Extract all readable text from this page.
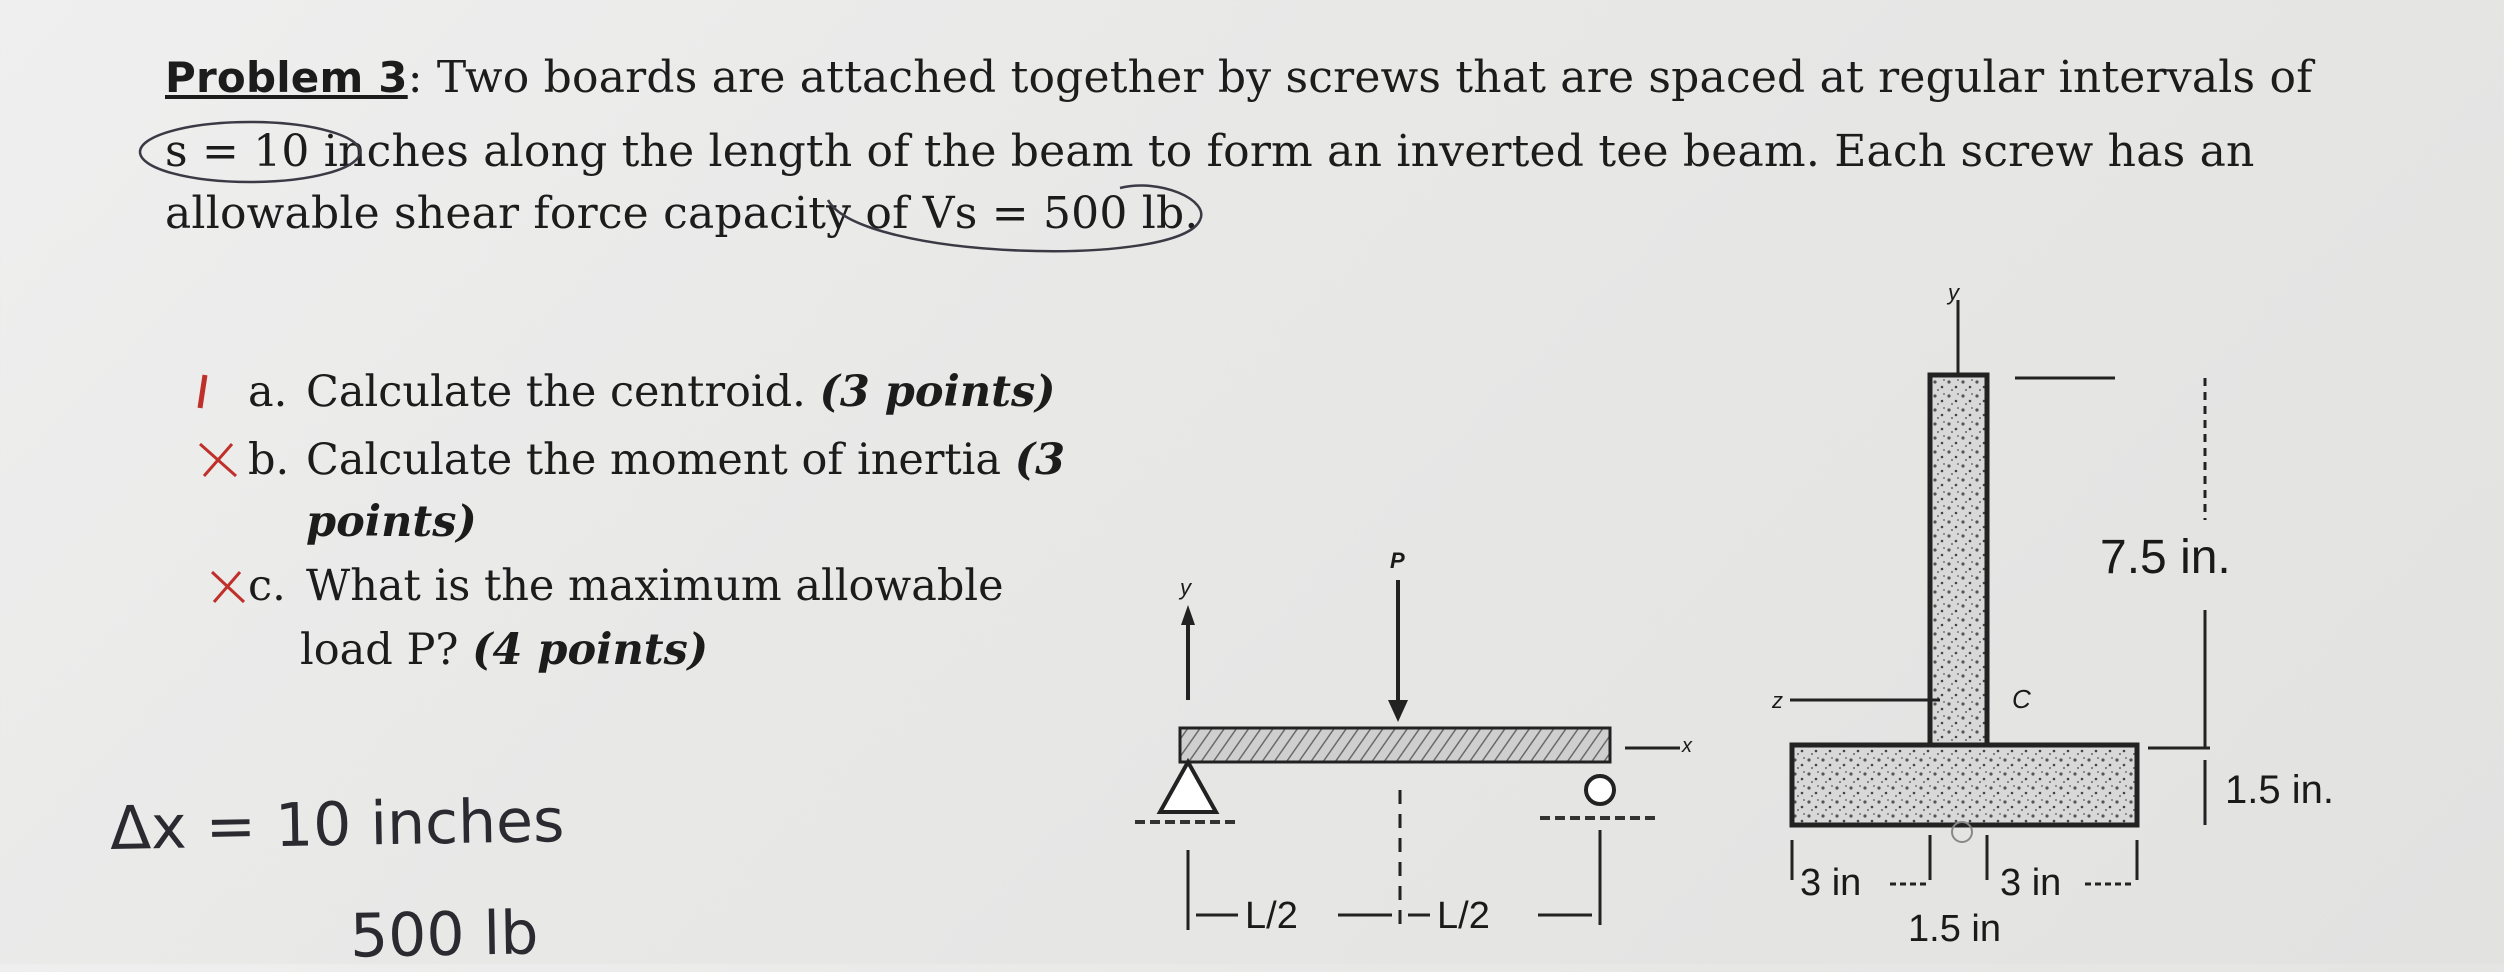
Problem 3: Two boards are attached together by screws that are spaced at regular intervals of
s = 10 inches along the length of the beam to form an inverted tee beam. Each screw has an
allowable shear force capacity of Vs = 500 lb.
a. Calculate the centroid. (3 points)
b. Calculate the moment of inertia (3
points)
c. What is the maximum allowable
load P? (4 points)
Δx = 10 inches
500 lb
y
P
x
L/2	L/2
y
z	C
7.5 in.
1.5 in.
3 in	3 in
1.5 in
